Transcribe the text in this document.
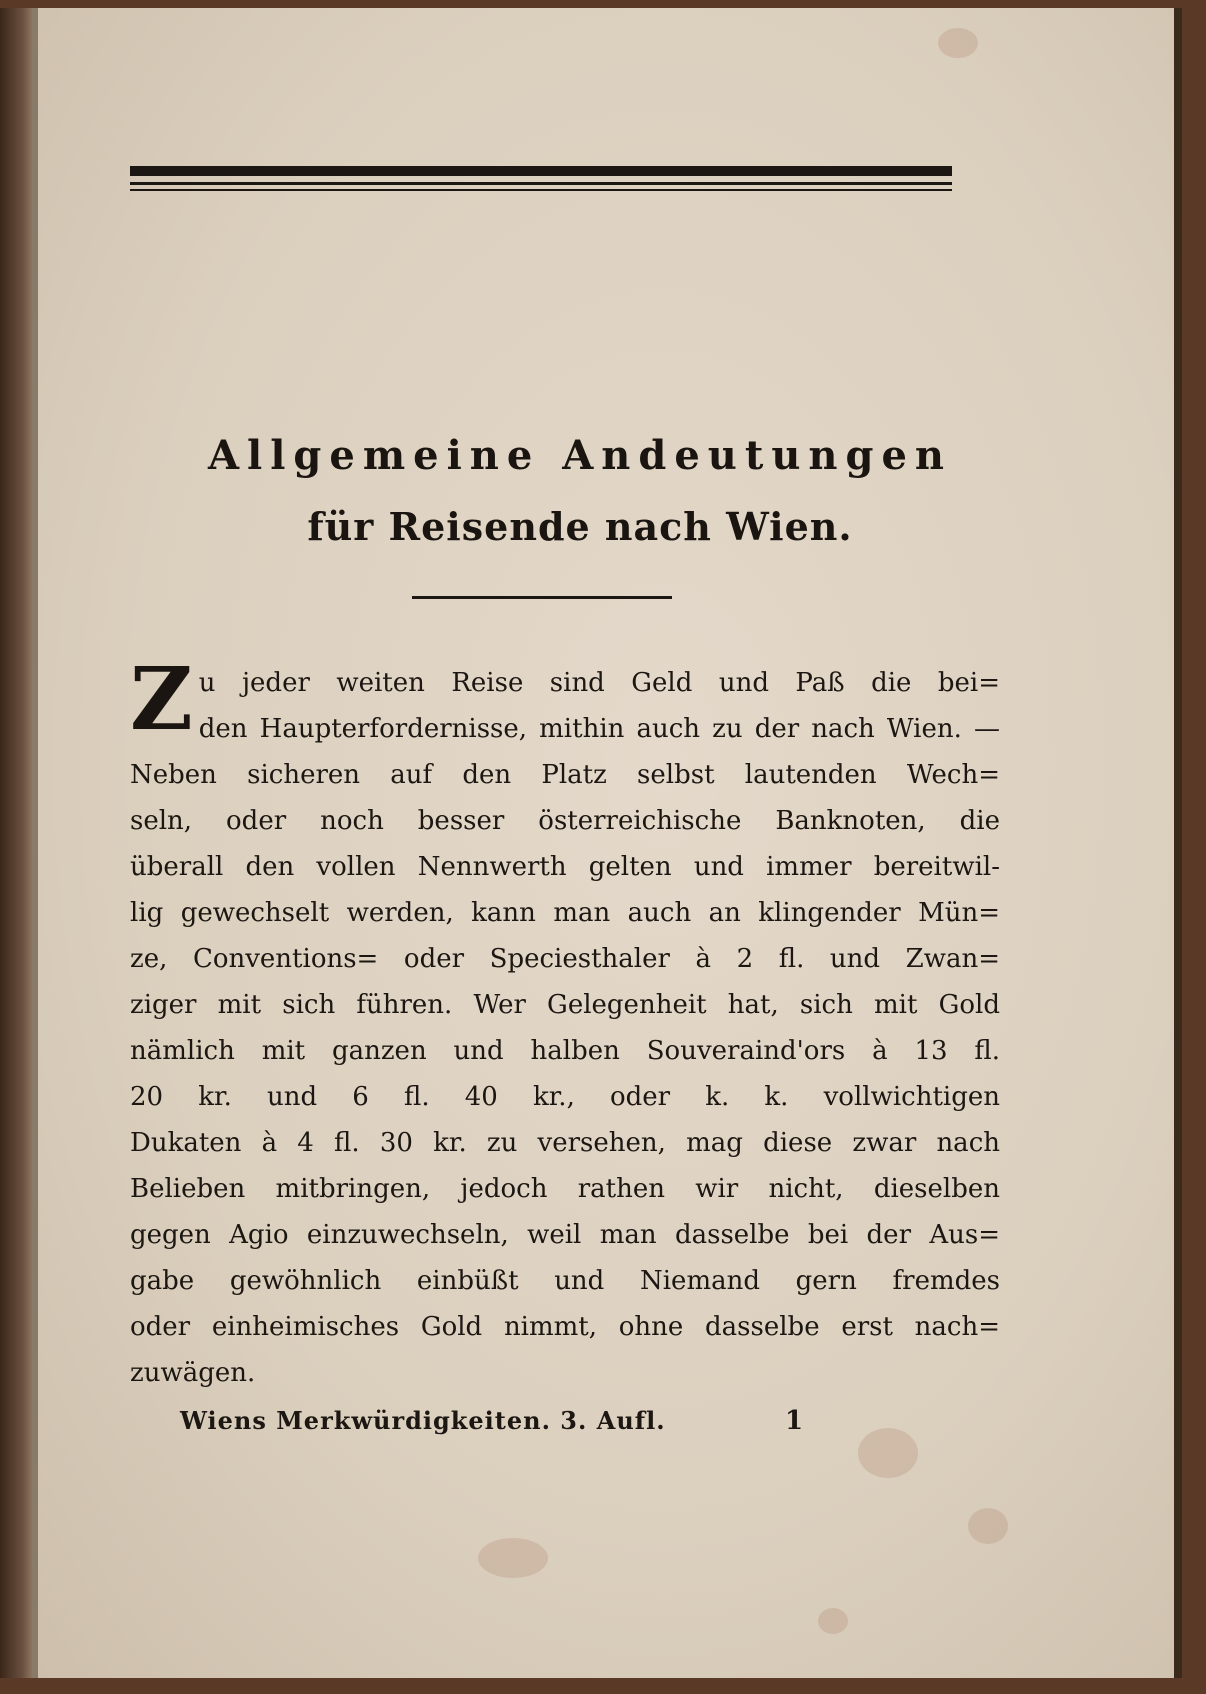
Allgemeine Andeutungen
für Reisende nach Wien.
Z u jeder weiten Reise sind Geld und Paß die bei=
den Haupterfordernisse, mithin auch zu der nach Wien. —
Neben sicheren auf den Platz selbst lautenden Wech=
seln, oder noch besser österreichische Banknoten, die
überall den vollen Nennwerth gelten und immer bereitwil-
lig gewechselt werden, kann man auch an klingender Mün=
ze, Conventions= oder Speciesthaler à 2 fl. und Zwan=
ziger mit sich führen. Wer Gelegenheit hat, sich mit Gold
nämlich mit ganzen und halben Souveraind'ors à 13 fl.
20 kr. und 6 fl. 40 kr., oder k. k. vollwichtigen
Dukaten à 4 fl. 30 kr. zu versehen, mag diese zwar nach
Belieben mitbringen, jedoch rathen wir nicht, dieselben
gegen Agio einzuwechseln, weil man dasselbe bei der Aus=
gabe gewöhnlich einbüßt und Niemand gern fremdes
oder einheimisches Gold nimmt, ohne dasselbe erst nach=
zuwägen.
Wiens Merkwürdigkeiten. 3. Aufl.	1
